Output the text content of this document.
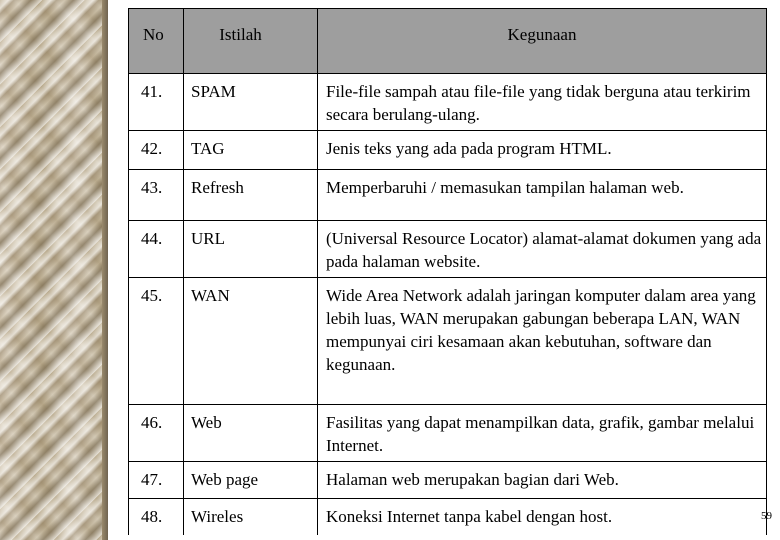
No	Istilah	Kegunaan
41.	SPAM	File-file sampah atau file-file yang tidak berguna atau terkirim secara berulang-ulang.
42.	TAG	Jenis teks yang ada pada program HTML.
43.	Refresh	Memperbaruhi / memasukan tampilan halaman web.
44.	URL	(Universal Resource Locator) alamat-alamat dokumen yang ada pada halaman website.
45.	WAN	Wide Area Network adalah jaringan komputer dalam area yang lebih luas, WAN merupakan gabungan beberapa LAN, WAN mempunyai ciri kesamaan akan kebutuhan, software dan kegunaan.
46.	Web	Fasilitas yang dapat menampilkan data, grafik, gambar melalui Internet.
47.	Web page	Halaman web merupakan bagian dari Web.
48.	Wireles	Koneksi Internet tanpa kabel dengan host.	59
